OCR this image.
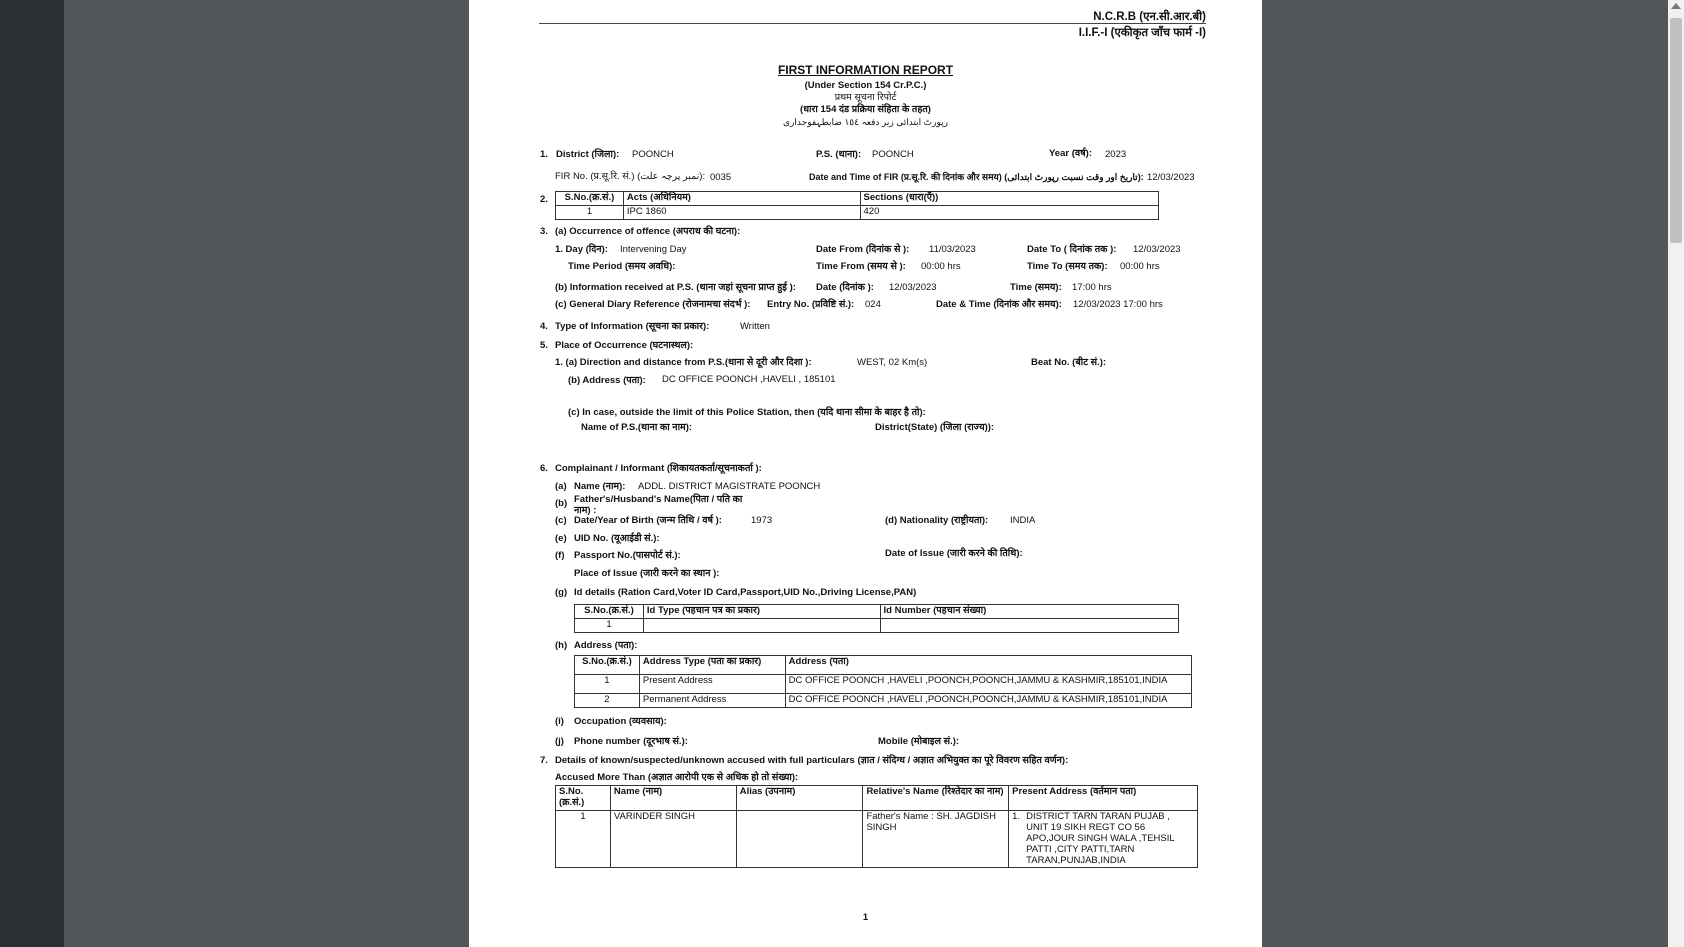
N.C.R.B (एन.सी.आर.बी)
I.I.F.-I (एकीकृत जाँच फार्म -I)
FIRST INFORMATION REPORT
(Under Section 154 Cr.P.C.)
प्रथम सूचना रिपोर्ट
(धारा 154 दंड प्रक्रिया संहिता के तहत)
رپورٹ ابتدائی زیر دفعہ ١٥٤ ضابطہفوجداری
1. District (जिला): POONCH	P.S. (थाना): POONCH	Year (वर्ष): 2023
FIR No. (प्र.सू.रि. सं.) (نمبر پرچہ علت): 0035	Date and Time of FIR (प्र.सू.रि. की दिनांक और समय) (تاریخ اور وقت نسبت رپورٹ ابتدائی): 12/03/2023
2. S.No.(क्र.सं.)	Acts (अधिनियम)	Sections (धारा(एँ))
1	IPC 1860	420
3. (a) Occurrence of offence (अपराध की घटना):
1. Day (दिन): Intervening Day	Date From (दिनांक से ): 11/03/2023	Date To ( दिनांक तक ): 12/03/2023
Time Period (समय अवधि):	Time From (समय से ): 00:00 hrs	Time To (समय तक): 00:00 hrs
(b) Information received at P.S. (थाना जहां सूचना प्राप्त हुई ): Date (दिनांक ): 12/03/2023	Time (समय): 17:00 hrs
(c) General Diary Reference (रोजनामचा संदर्भ ): Entry No. (प्रविष्टि सं.): 024	Date & Time (दिनांक और समय): 12/03/2023 17:00 hrs
4. Type of Information (सूचना का प्रकार):	Written
5. Place of Occurrence (घटनास्थल):
1. (a) Direction and distance from P.S.(थाना से दूरी और दिशा ):	WEST, 02 Km(s)	Beat No. (बीट सं.):
(b) Address (पता): DC OFFICE POONCH ,HAVELI , 185101
(c) In case, outside the limit of this Police Station, then (यदि थाना सीमा के बाहर है तो):
Name of P.S.(थाना का नाम):	District(State) (जिला (राज्य)):
6. Complainant / Informant (शिकायतकर्ता/सूचनाकर्ता ):
(a) Name (नाम): ADDL. DISTRICT MAGISTRATE POONCH
(b) Father's/Husband's Name(पिता / पति का
नाम) :
(c) Date/Year of Birth (जन्म तिथि / वर्ष ):	1973	(d) Nationality (राष्ट्रीयता): INDIA
(e) UID No. (यूआईडी सं.):
(f) Passport No.(पासपोर्ट सं.):	Date of Issue (जारी करने की तिथि):
Place of Issue (जारी करने का स्थान ):
(g) Id details (Ration Card,Voter ID Card,Passport,UID No.,Driving License,PAN)
S.No.(क्र.सं.)	Id Type (पहचान पत्र का प्रकार)	Id Number (पहचान संख्या)
1		
(h) Address (पता):
S.No.(क्र.सं.)	Address Type (पता का प्रकार)	Address (पता)
1	Present Address	DC OFFICE POONCH ,HAVELI ,POONCH,POONCH,JAMMU & KASHMIR,185101,INDIA
2	Permanent Address	DC OFFICE POONCH ,HAVELI ,POONCH,POONCH,JAMMU & KASHMIR,185101,INDIA
(i) Occupation (व्यवसाय):
(j) Phone number (दूरभाष सं.):	Mobile (मोबाइल सं.):
7. Details of known/suspected/unknown accused with full particulars (ज्ञात / संदिग्ध / अज्ञात अभियुक्त का पूरे विवरण सहित वर्णन):
Accused More Than (अज्ञात आरोपी एक से अधिक हो तो संख्या):
S.No.(क्र.सं.)	Name (नाम)	Alias (उपनाम)	Relative's Name (रिश्तेदार का नाम)	Present Address (वर्तमान पता)
1	VARINDER SINGH		Father's Name : SH. JAGDISH SINGH	1. DISTRICT TARN TARAN PUJAB , UNIT 19 SIKH REGT CO 56 APO,JOUR SINGH WALA ,TEHSIL PATTI ,CITY PATTI,TARN TARAN,PUNJAB,INDIA
1
